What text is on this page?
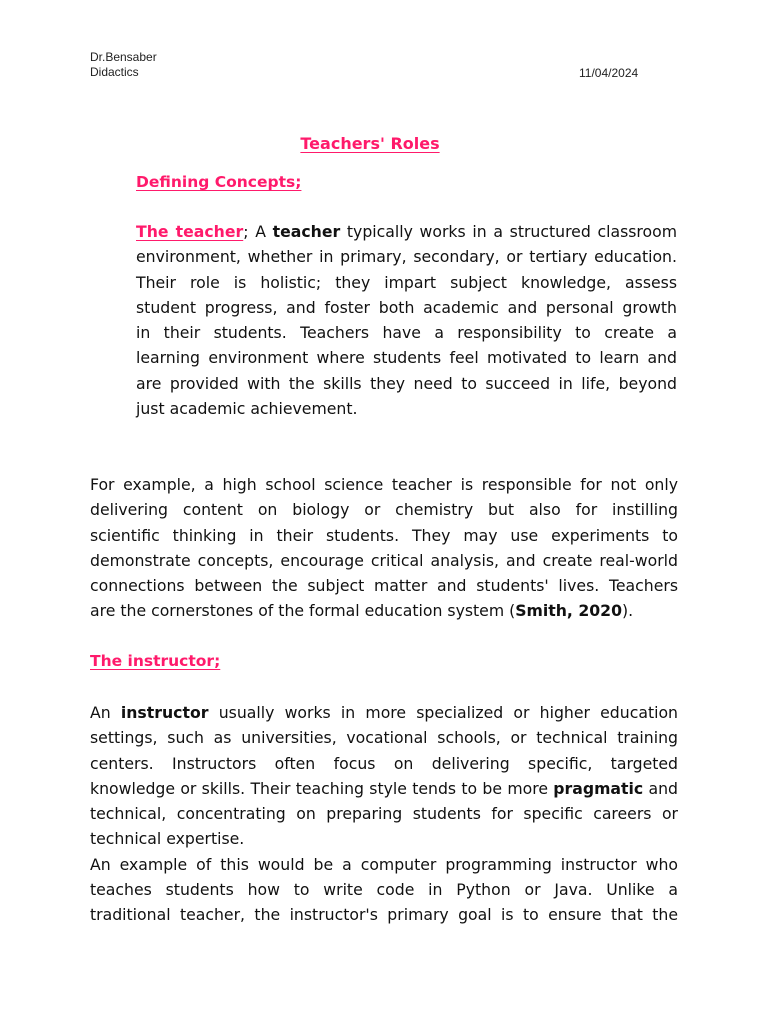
Dr.Bensaber
Didactics	11/04/2024
Teachers' Roles
Defining Concepts;
The teacher; A teacher typically works in a structured classroom
environment, whether in primary, secondary, or tertiary education.
Their role is holistic; they impart subject knowledge, assess
student progress, and foster both academic and personal growth
in their students. Teachers have a responsibility to create a
learning environment where students feel motivated to learn and
are provided with the skills they need to succeed in life, beyond
just academic achievement.
For example, a high school science teacher is responsible for not only
delivering content on biology or chemistry but also for instilling
scientific thinking in their students. They may use experiments to
demonstrate concepts, encourage critical analysis, and create real-world
connections between the subject matter and students' lives. Teachers
are the cornerstones of the formal education system (Smith, 2020).
The instructor;
An instructor usually works in more specialized or higher education
settings, such as universities, vocational schools, or technical training
centers. Instructors often focus on delivering specific, targeted
knowledge or skills. Their teaching style tends to be more pragmatic and
technical, concentrating on preparing students for specific careers or
technical expertise.
An example of this would be a computer programming instructor who
teaches students how to write code in Python or Java. Unlike a
traditional teacher, the instructor's primary goal is to ensure that the
